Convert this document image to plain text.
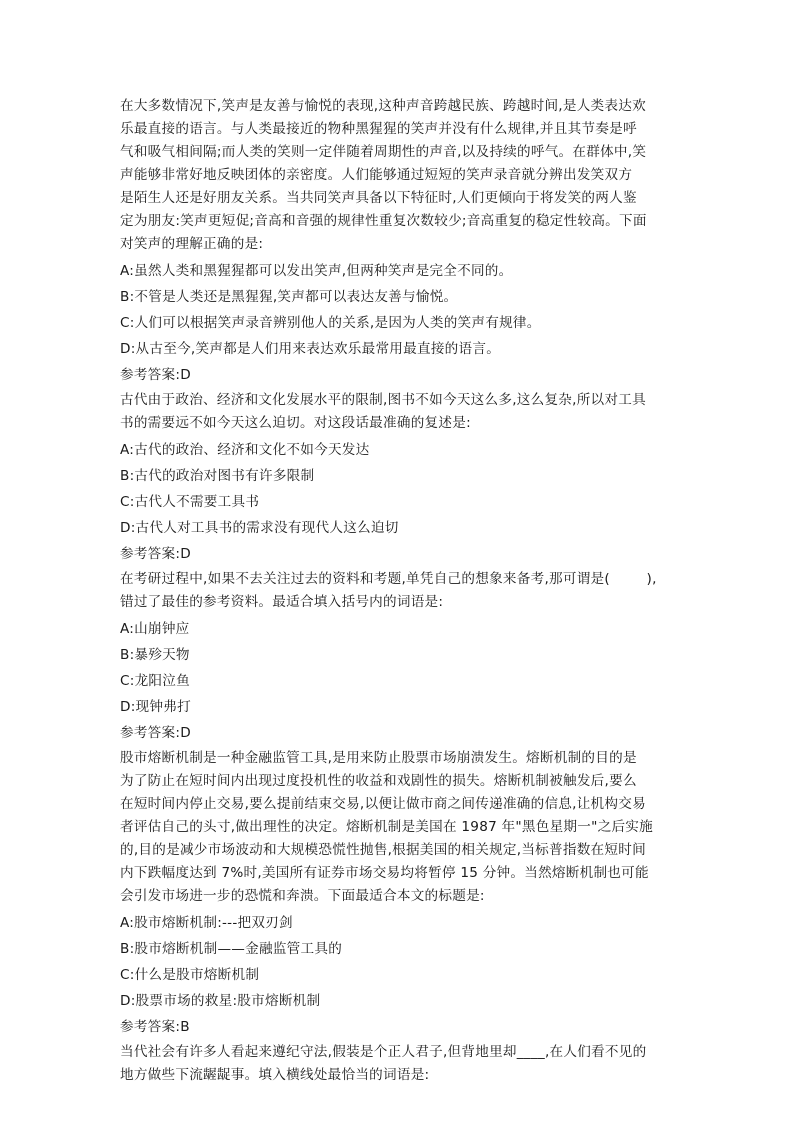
在大多数情况下,笑声是友善与愉悦的表现,这种声音跨越民族、跨越时间,是人类表达欢
乐最直接的语言。与人类最接近的物种黑猩猩的笑声并没有什么规律,并且其节奏是呼
气和吸气相间隔;而人类的笑则一定伴随着周期性的声音,以及持续的呼气。在群体中,笑
声能够非常好地反映团体的亲密度。人们能够通过短短的笑声录音就分辨出发笑双方
是陌生人还是好朋友关系。当共同笑声具备以下特征时,人们更倾向于将发笑的两人鉴
定为朋友:笑声更短促;音高和音强的规律性重复次数较少;音高重复的稳定性较高。下面
对笑声的理解正确的是:

A:虽然人类和黑猩猩都可以发出笑声,但两种笑声是完全不同的。
B:不管是人类还是黑猩猩,笑声都可以表达友善与愉悦。
C:人们可以根据笑声录音辨别他人的关系,是因为人类的笑声有规律。
D:从古至今,笑声都是人们用来表达欢乐最常用最直接的语言。
参考答案:D

古代由于政治、经济和文化发展水平的限制,图书不如今天这么多,这么复杂,所以对工具
书的需要远不如今天这么迫切。对这段话最准确的复述是:

A:古代的政治、经济和文化不如今天发达
B:古代的政治对图书有许多限制
C:古代人不需要工具书
D:古代人对工具书的需求没有现代人这么迫切
参考答案:D

在考研过程中,如果不去关注过去的资料和考题,单凭自己的想象来备考,那可谓是(        ),
错过了最佳的参考资料。最适合填入括号内的词语是:

A:山崩钟应
B:暴殄天物
C:龙阳泣鱼
D:现钟弗打
参考答案:D

股市熔断机制是一种金融监管工具,是用来防止股票市场崩溃发生。熔断机制的目的是
为了防止在短时间内出现过度投机性的收益和戏剧性的损失。熔断机制被触发后,要么
在短时间内停止交易,要么提前结束交易,以便让做市商之间传递准确的信息,让机构交易
者评估自己的头寸,做出理性的决定。熔断机制是美国在 1987 年"黑色星期一"之后实施
的,目的是减少市场波动和大规模恐慌性抛售,根据美国的相关规定,当标普指数在短时间
内下跌幅度达到 7%时,美国所有证券市场交易均将暂停 15 分钟。当然熔断机制也可能
会引发市场进一步的恐慌和奔溃。下面最适合本文的标题是:

A:股市熔断机制:---把双刃剑
B:股市熔断机制——金融监管工具的
C:什么是股市熔断机制
D:股票市场的救星:股市熔断机制
参考答案:B

当代社会有许多人看起来遵纪守法,假装是个正人君子,但背地里却____,在人们看不见的
地方做些下流龌龊事。填入横线处最恰当的词语是:
